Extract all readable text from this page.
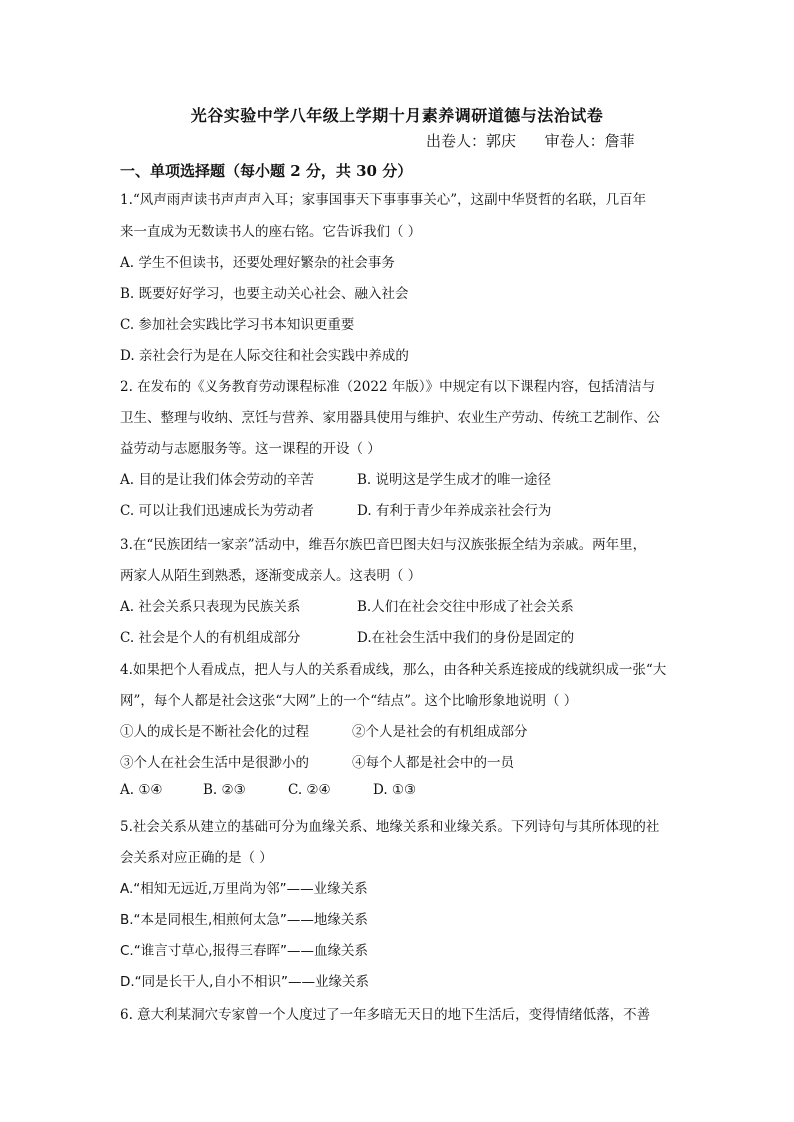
光谷实验中学八年级上学期十月素养调研道德与法治试卷
出卷人：郭庆      审卷人：詹菲
一、单项选择题（每小题 2 分，共 30 分）
1.“风声雨声读书声声声入耳；家事国事天下事事事关心”，这副中华贤哲的名联，几百年
来一直成为无数读书人的座右铭。它告诉我们（ ）
A. 学生不但读书，还要处理好繁杂的社会事务
B. 既要好好学习，也要主动关心社会、融入社会
C. 参加社会实践比学习书本知识更重要
D. 亲社会行为是在人际交往和社会实践中养成的
2. 在发布的《义务教育劳动课程标准（2022 年版）》中规定有以下课程内容，包括清洁与
卫生、整理与收纳、烹饪与营养、家用器具使用与维护、农业生产劳动、传统工艺制作、公
益劳动与志愿服务等。这一课程的开设（ ）
A. 目的是让我们体会劳动的辛苦	B. 说明这是学生成才的唯一途径
C. 可以让我们迅速成长为劳动者	D. 有利于青少年养成亲社会行为
3.在“民族团结一家亲”活动中，维吾尔族巴音巴图夫妇与汉族张振全结为亲戚。两年里，
两家人从陌生到熟悉，逐渐变成亲人。这表明（ ）
A. 社会关系只表现为民族关系	B.人们在社会交往中形成了社会关系
C. 社会是个人的有机组成部分	D.在社会生活中我们的身份是固定的
4.如果把个人看成点，把人与人的关系看成线，那么，由各种关系连接成的线就织成一张“大
网”，每个人都是社会这张“大网”上的一个“结点”。这个比喻形象地说明（ ）
①人的成长是不断社会化的过程	②个人是社会的有机组成部分
③个人在社会生活中是很渺小的	④每个人都是社会中的一员
A. ①④	B. ②③	C. ②④	D. ①③
5.社会关系从建立的基础可分为血缘关系、地缘关系和业缘关系。下列诗句与其所体现的社
会关系对应正确的是（ ）
A.“相知无远近,万里尚为邻”——业缘关系
B.“本是同根生,相煎何太急”——地缘关系
C.“谁言寸草心,报得三春晖”——血缘关系
D.“同是长干人,自小不相识”——业缘关系
6. 意大利某洞穴专家曾一个人度过了一年多暗无天日的地下生活后，变得情绪低落，不善
